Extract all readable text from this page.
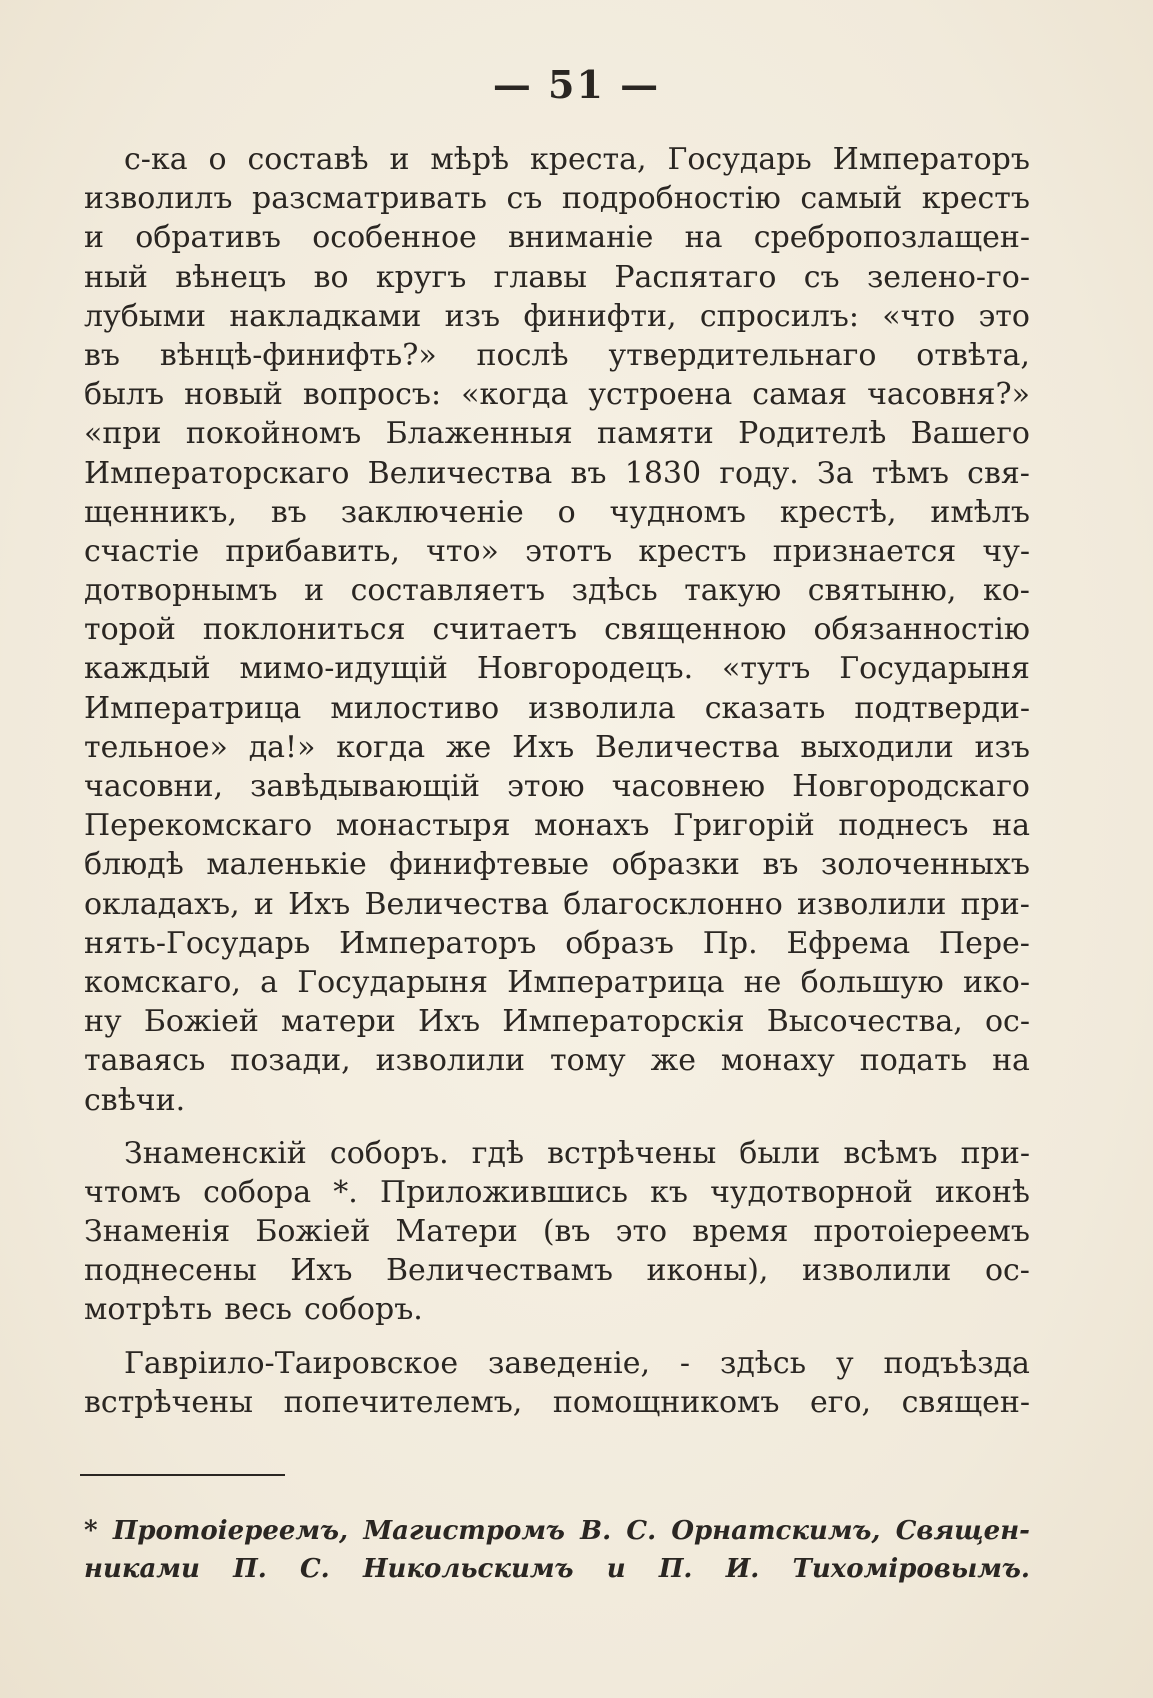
— 51 —
с-ка о составѣ и мѣрѣ креста, Государь Императоръ
изволилъ разсматривать съ подробностію самый крестъ
и обративъ особенное вниманіе на сребропозлащен-
ный вѣнецъ во кругъ главы Распятаго съ зелено-го-
лубыми накладками изъ финифти, спросилъ: «что это
въ вѣнцѣ-финифть?» послѣ утвердительнаго отвѣта,
былъ новый вопросъ: «когда устроена самая часовня?»
«при покойномъ Блаженныя памяти Родителѣ Вашего
Императорскаго Величества въ 1830 году. За тѣмъ свя-
щенникъ, въ заключеніе о чудномъ крестѣ, имѣлъ
счастіе прибавить, что» этотъ крестъ признается чу-
дотворнымъ и составляетъ здѣсь такую святыню, ко-
торой поклониться считаетъ священною обязанностію
каждый мимо-идущій Новгородецъ. «тутъ Государыня
Императрица милостиво изволила сказать подтверди-
тельное» да!» когда же Ихъ Величества выходили изъ
часовни, завѣдывающій этою часовнею Новгородскаго
Перекомскаго монастыря монахъ Григорій поднесъ на
блюдѣ маленькіе финифтевые образки въ золоченныхъ
окладахъ, и Ихъ Величества благосклонно изволили при-
нять-Государь Императоръ образъ Пр. Ефрема Пере-
комскаго, а Государыня Императрица не большую ико-
ну Божіей матери Ихъ Императорскія Высочества, ос-
таваясь позади, изволили тому же монаху подать на
свѣчи.
Знаменскій соборъ. гдѣ встрѣчены были всѣмъ при-
чтомъ собора *. Приложившись къ чудотворной иконѣ
Знаменія Божіей Матери (въ это время протоіереемъ
поднесены Ихъ Величествамъ иконы), изволили ос-
мотрѣть весь соборъ.
Гавріило-Таировское заведеніе, - здѣсь у подъѣзда
встрѣчены попечителемъ, помощникомъ его, священ-
* Протоіереемъ, Магистромъ В. С. Орнатскимъ, Священ-
никами П. С. Никольскимъ и П. И. Тихоміровымъ.
